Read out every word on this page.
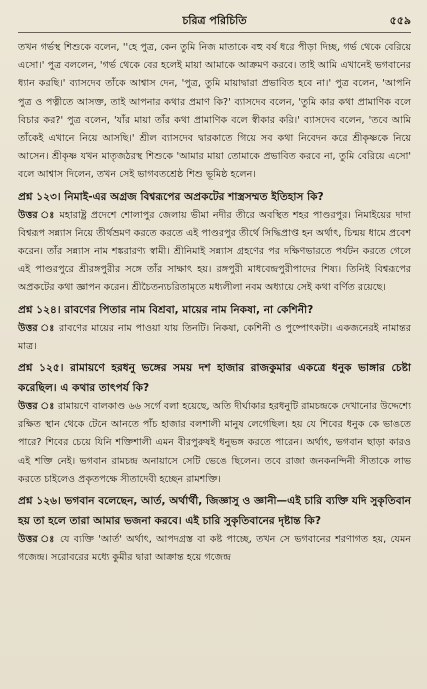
চরিত্র পরিচিতি	৫৫৯

তখন গর্ভস্থ শিশুকে বলেন, ''হে পুত্র, কেন তুমি নিজ মাতাকে বহু বর্ষ ধরে পীড়া দিচ্ছ, গর্ভ থেকে বেরিয়ে এসো।' পুত্র বললেন, 'গর্ভ থেকে বের হলেই মায়া আমাকে আক্রমণ করবে। তাই আমি এখানেই ভগবানের ধ্যান করছি।' ব্যাসদেব তাঁকে আশ্বাস দেন, 'পুত্র, তুমি মায়াদ্বারা প্রভাবিত হবে না।' পুত্র বলেন, 'আপনি পুত্র ও পত্নীতে আসক্ত, তাই আপনার কথার প্রমাণ কি?' ব্যাসদেব বলেন, 'তুমি কার কথা প্রামাণিক বলে বিচার কর?' পুত্র বলেন, 'যাঁর মায়া তাঁর কথা প্রামাণিক বলে স্বীকার করি।' ব্যাসদেব বলেন, 'তবে আমি তাঁকেই এখানে নিয়ে আসছি।' শ্রীল ব্যাসদেব দ্বারকাতে গিয়ে সব কথা নিবেদন করে শ্রীকৃষ্ণকে নিয়ে আসেন। শ্রীকৃষ্ণ যখন মাতৃজঠরস্থ শিশুকে 'আমার মায়া তোমাকে প্রভাবিত করবে না, তুমি বেরিয়ে এসো' বলে আশ্বাস দিলেন, তখন সেই ভাগবতশ্রেষ্ঠ শিশু ভূমিষ্ঠ হলেন।

প্রশ্ন ১২৩। নিমাই-এর অগ্রজ বিশ্বরূপের অপ্রকটের শাস্ত্রসম্মত ইতিহাস কি?

উত্তর ঃ মহারাষ্ট্র প্রদেশে শোলাপুর জেলায় ভীমা নদীর তীরে অবস্থিত শহর পাণ্ডরপুর। নিমাইয়ের দাদা বিশ্বরূপ সন্ন্যাস নিয়ে তীর্থভ্রমণ করতে করতে এই পাণ্ডরপুর তীর্থে সিদ্ধিপ্রাপ্ত হন অর্থাৎ, চিন্ময় ধামে প্রবেশ করেন। তাঁর সন্ন্যাস নাম শঙ্করারণ্য স্বামী। শ্রীনিমাই সন্ন্যাস গ্রহণের পর দক্ষিণভারতে পর্যটন করতে গেলে এই পাণ্ডরপুরে শ্রীরঙ্গপুরীর সঙ্গে তাঁর সাক্ষাৎ হয়। রঙ্গপুরী মাধবেন্দ্রপুরীপাদের শিষ্য। তিনিই বিশ্বরূপের অপ্রকটের কথা জ্ঞাপন করেন। শ্রীচৈতন্যচরিতামৃতে মধ্যলীলা নবম অধ্যায়ে সেই কথা বর্ণিত রয়েছে।

প্রশ্ন ১২৪। রাবণের পিতার নাম বিশ্রবা, মায়ের নাম নিকষা, না কেশিনী?

উত্তর ঃ রাবণের মায়ের নাম পাওয়া যায় তিনটি। নিকষা, কেশিনী ও পুষ্পোৎকটা। একজনেরই নামান্তর মাত্র।

প্রশ্ন ১২৫। রামায়ণে হরধনু ভঙ্গের সময় দশ হাজার রাজকুমার একত্রে ধনুক ভাঙ্গার চেষ্টা করেছিল। এ কথার তাৎপর্য কি?

উত্তর ঃ রামায়ণে বালকাণ্ড ৬৬ সর্গে বলা হয়েছে, অতি দীর্ঘাকার হরধনুটি রামচন্দ্রকে দেখানোর উদ্দেশ্যে রক্ষিত স্থান থেকে টেনে আনতে পাঁচ হাজার বলশালী মানুষ লেগেছিল। হয় যে শিবের ধনুক কে ভাঙতে পারে? শিবের চেয়ে যিনি শক্তিশালী এমন বীরপুরুষই ধনুভঙ্গ করতে পারেন। অর্থাৎ, ভগবান ছাড়া কারও এই শক্তি নেই। ভগবান রামচন্দ্র অনায়াসে সেটি ভেঙে ছিলেন। তবে রাজা জনকনন্দিনী সীতাকে লাভ করতে চাইলেও প্রকৃতপক্ষে সীতাদেবী হচ্ছেন রামশক্তি।

প্রশ্ন ১২৬। ভগবান বলেছেন, আর্ত, অর্থার্থী, জিজ্ঞাসু ও জ্ঞানী—এই চারি ব্যক্তি যদি সুকৃতিবান হয় তা হলে তারা আমার ভজনা করবে। এই চারি সুকৃতিবানের দৃষ্টান্ত কি?

উত্তর ঃ যে ব্যক্তি 'আর্ত' অর্থাৎ, আপদগ্রস্ত বা কষ্ট পাচ্ছে, তখন সে ভগবানের শরণাগত হয়, যেমন গজেন্দ্র। সরোবরের মধ্যে কুমীর দ্বারা আক্রান্ত হয়ে গজেন্দ্র
